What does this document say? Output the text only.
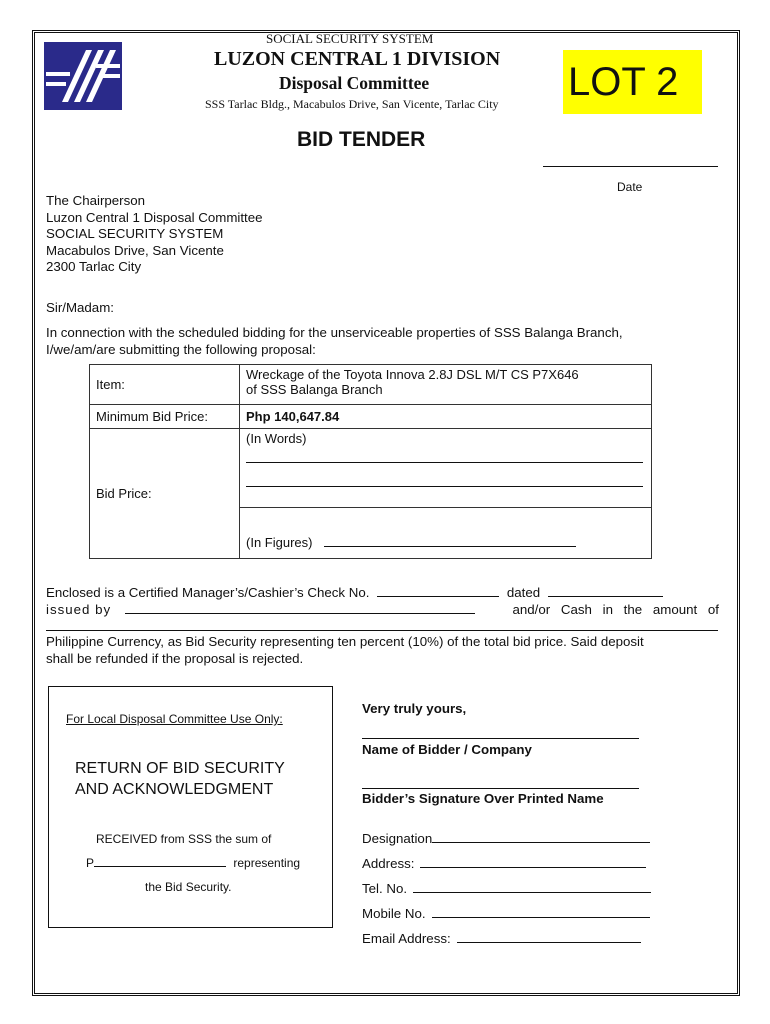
SOCIAL SECURITY SYSTEM
LUZON CENTRAL 1 DIVISION
Disposal Committee
SSS Tarlac Bldg., Macabulos Drive, San Vicente, Tarlac City LOT 2
BID TENDER
Date
The Chairperson
Luzon Central 1 Disposal Committee
SOCIAL SECURITY SYSTEM
Macabulos Drive, San Vicente
2300 Tarlac City
Sir/Madam:
In connection with the scheduled bidding for the unserviceable properties of SSS Balanga Branch,
I/we/am/are submitting the following proposal:
Item:	Wreckage of the Toyota Innova 2.8J DSL M/T CS P7X646
of SSS Balanga Branch

Minimum Bid Price:	Php 140,647.84
Bid Price:	(In Words)

	(In Figures)
Enclosed is a Certified Manager’s/Cashier’s Check No.	dated
issued by	and/or Cash in the amount of
Philippine Currency, as Bid Security representing ten percent (10%) of the total bid price. Said deposit
shall be refunded if the proposal is rejected.
For Local Disposal Committee Use Only:
RETURN OF BID SECURITY
AND ACKNOWLEDGMENT
RECEIVED from SSS the sum of
P	representing
the Bid Security.
Very truly yours,
Name of Bidder / Company
Bidder’s Signature Over Printed Name
Designation
Address:
Tel. No.
Mobile No.
Email Address:
